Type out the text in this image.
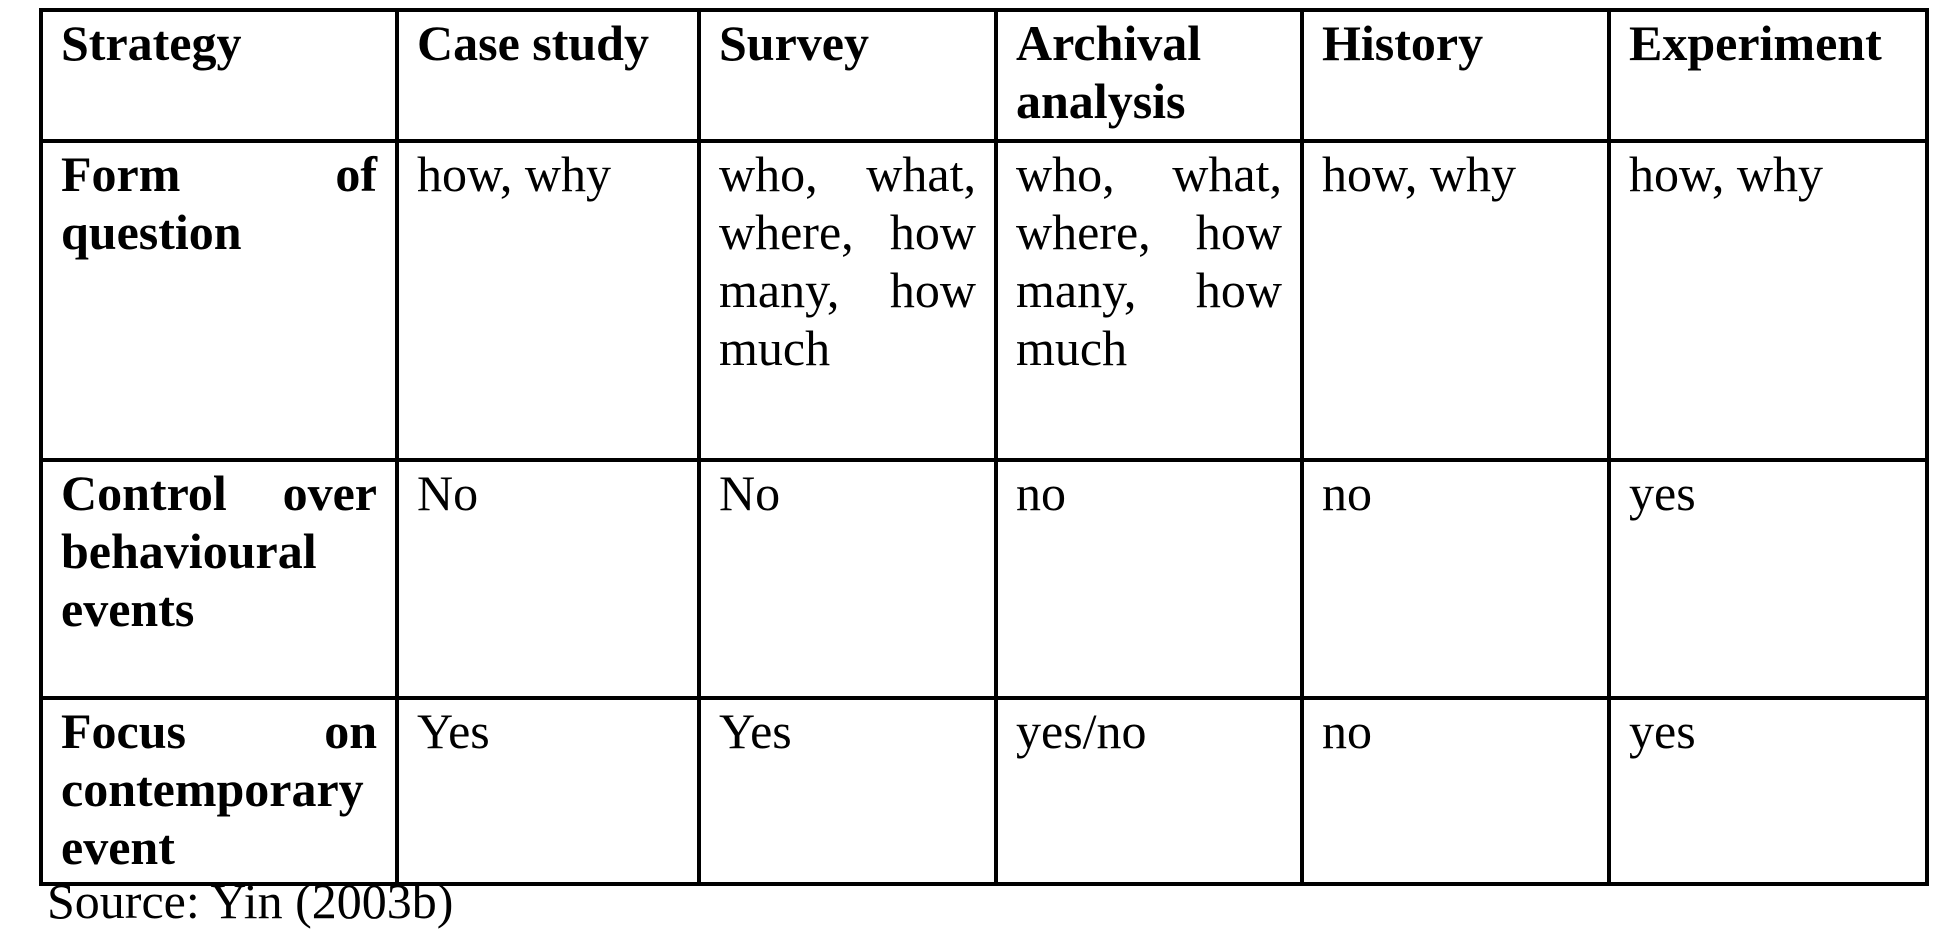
Strategy	Case study	Survey	Archival analysis	History	Experiment
Form of question	how, why	who, what, where, how many, how much	who, what, where, how many, how much	how, why	how, why
Control over behavioural events	No	No	no	no	yes
Focus on contemporary event	Yes	Yes	yes/no	no	yes
Source: Yin (2003b)
